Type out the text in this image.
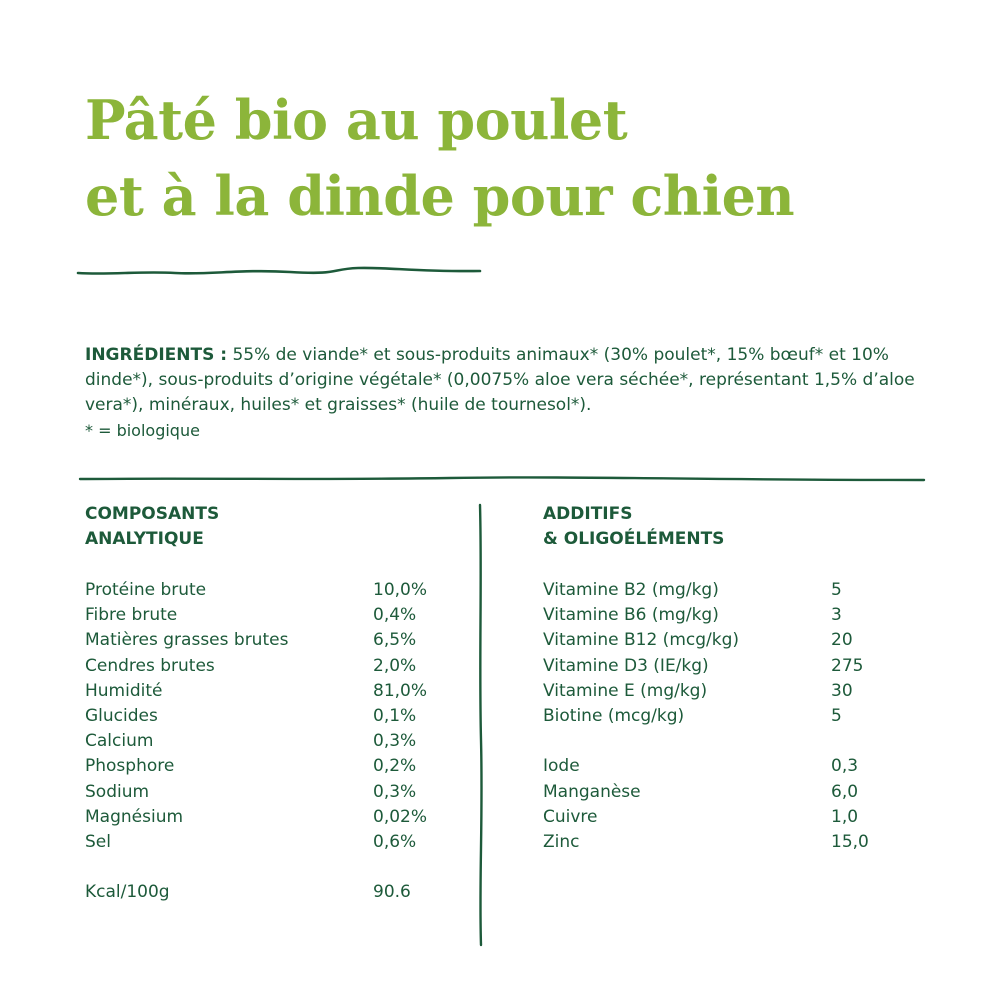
Pâté bio au poulet
et à la dinde pour chien

INGRÉDIENTS : 55% de viande* et sous-produits animaux* (30% poulet*, 15% bœuf* et 10% dinde*), sous-produits d’origine végétale* (0,0075% aloe vera séchée*, représentant 1,5% d’aloe vera*), minéraux, huiles* et graisses* (huile de tournesol*).
* = biologique

COMPOSANTS
ANALYTIQUE
ADDITIFS
& OLIGOÉLÉMENTS
Protéine brute	10,0%
Fibre brute	0,4%
Matières grasses brutes	6,5%
Cendres brutes	2,0%
Humidité	81,0%
Glucides	0,1%
Calcium	0,3%
Phosphore	0,2%
Sodium	0,3%
Magnésium	0,02%
Sel	0,6%
Kcal/100g	90.6
Vitamine B2 (mg/kg)	5
Vitamine B6 (mg/kg)	3
Vitamine B12 (mcg/kg)	20
Vitamine D3 (IE/kg)	275
Vitamine E (mg/kg)	30
Biotine (mcg/kg)	5
Iode	0,3
Manganèse	6,0
Cuivre	1,0
Zinc	15,0
